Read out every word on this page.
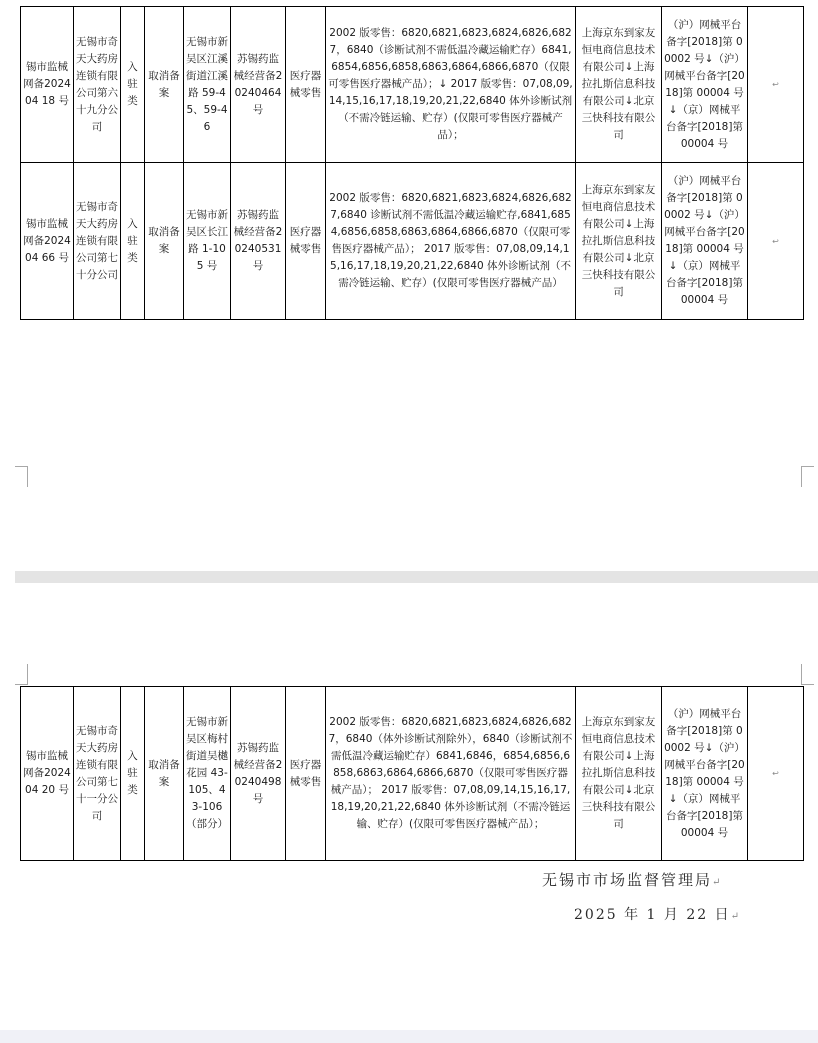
锡市监械网备202404 18 号	无锡市奇天大药房连锁有限公司第六十九分公司	入驻类	取消备案	无锡市新吴区江溪街道江溪路 59-45、59-46	苏锡药监械经营备20240464 号	医疗器械零售	2002 版零售：6820,6821,6823,6824,6826,6827，6840（诊断试剂不需低温冷藏运输贮存）6841,6854,6856,6858,6863,6864,6866,6870（仅限可零售医疗器械产品）；↓ 2017 版零售：07,08,09,14,15,16,17,18,19,20,21,22,6840 体外诊断试剂（不需冷链运输、贮存）(仅限可零售医疗器械产品）；	上海京东到家友恒电商信息技术有限公司↓上海拉扎斯信息科技有限公司↓北京三快科技有限公司	（沪）网械平台备字[2018]第 00002 号↓（沪）网械平台备字[2018]第 00004 号↓（京）网械平台备字[2018]第 00004 号	↩
锡市监械网备202404 66 号	无锡市奇天大药房连锁有限公司第七十分公司	入驻类	取消备案	无锡市新吴区长江路 1-105 号	苏锡药监械经营备20240531 号	医疗器械零售	2002 版零售：6820,6821,6823,6824,6826,6827,6840 诊断试剂不需低温冷藏运输贮存,6841,6854,6856,6858,6863,6864,6866,6870（仅限可零售医疗器械产品）； 2017 版零售：07,08,09,14,15,16,17,18,19,20,21,22,6840 体外诊断试剂（不需冷链运输、贮存）(仅限可零售医疗器械产品）	上海京东到家友恒电商信息技术有限公司↓上海拉扎斯信息科技有限公司↓北京三快科技有限公司	（沪）网械平台备字[2018]第 00002 号↓（沪）网械平台备字[2018]第 00004 号↓（京）网械平台备字[2018]第 00004 号	↩
锡市监械网备202404 20 号	无锡市奇天大药房连锁有限公司第七十一分公司	入驻类	取消备案	无锡市新吴区梅村街道吴樾花园 43-105、43-106（部分）	苏锡药监械经营备20240498 号	医疗器械零售	2002 版零售：6820,6821,6823,6824,6826,6827，6840（体外诊断试剂除外），6840（诊断试剂不需低温冷藏运输贮存）6841,6846，6854,6856,6858,6863,6864,6866,6870（仅限可零售医疗器械产品）； 2017 版零售：07,08,09,14,15,16,17,18,19,20,21,22,6840 体外诊断试剂（不需冷链运输、贮存）(仅限可零售医疗器械产品）；	上海京东到家友恒电商信息技术有限公司↓上海拉扎斯信息科技有限公司↓北京三快科技有限公司	（沪）网械平台备字[2018]第 00002 号↓（沪）网械平台备字[2018]第 00004 号↓（京）网械平台备字[2018]第 00004 号	↩
无锡市市场监督管理局↵
2025 年 1 月 22 日↵
